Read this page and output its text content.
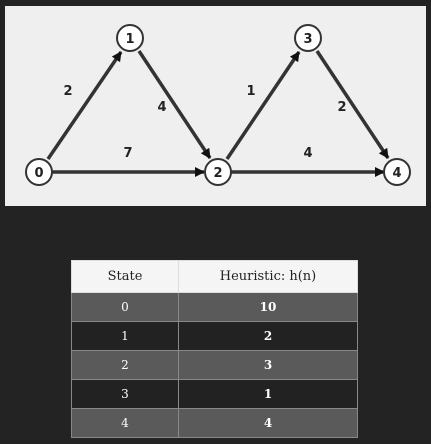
2
4
7
1
2
4
0
1
2
3
4
State	Heuristic: h(n)
0	10
1	2
2	3
3	1
4	4
